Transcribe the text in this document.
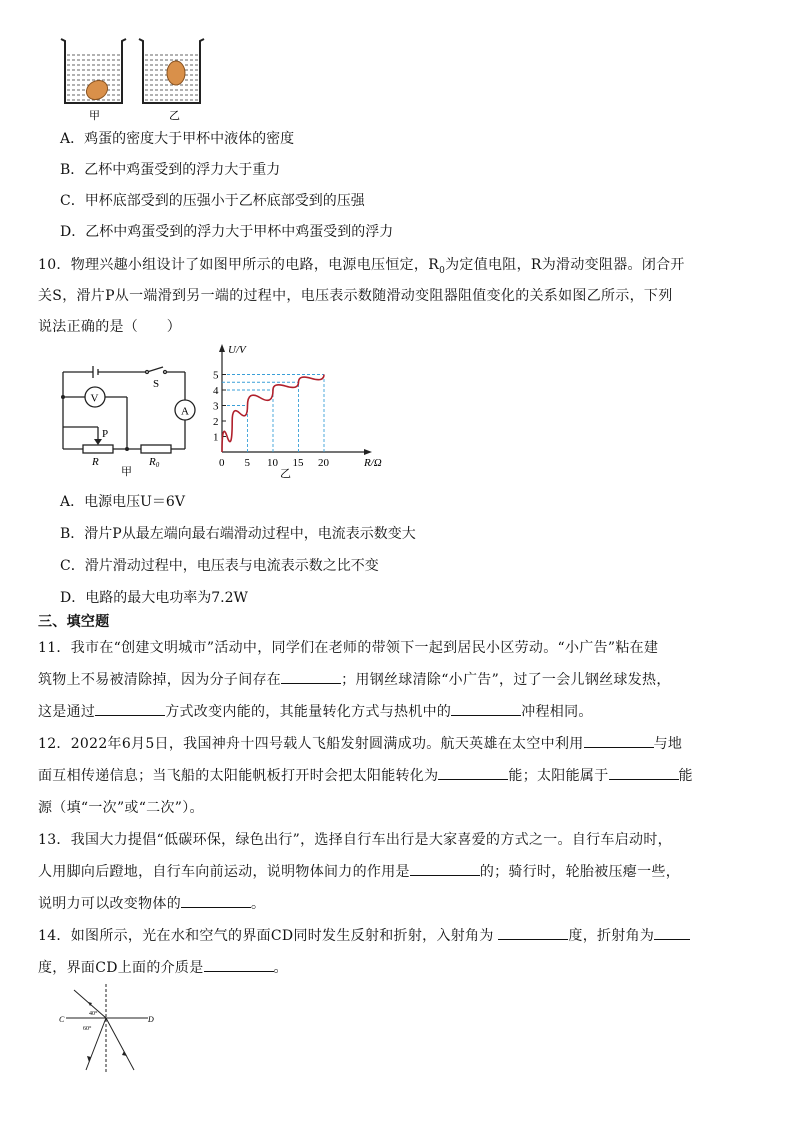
甲	乙
A．鸡蛋的密度大于甲杯中液体的密度
B．乙杯中鸡蛋受到的浮力大于重力
C．甲杯底部受到的压强小于乙杯底部受到的压强
D．乙杯中鸡蛋受到的浮力大于甲杯中鸡蛋受到的浮力
10．物理兴趣小组设计了如图甲所示的电路，电源电压恒定，$R_0$为定值电阻，R为滑动变阻器。闭合开
关S，滑片P从一端滑到另一端的过程中，电压表示数随滑动变阻器阻值变化的关系如图乙所示，下列
说法正确的是（　　）
V
A
S
P
R	R0
甲
0 5 10 15 20
1
2
3
4
5
U/V
R/Ω
乙
A．电源电压U＝6V
B．滑片P从最左端向最右端滑动过程中，电流表示数变大
C．滑片滑动过程中，电压表与电流表示数之比不变
D．电路的最大电功率为7.2W
三、填空题
11．我市在“创建文明城市”活动中，同学们在老师的带领下一起到居民小区劳动。“小广告”粘在建
筑物上不易被清除掉，因为分子间存在	；用钢丝球清除“小广告”，过了一会儿钢丝球发热，
这是通过	方式改变内能的，其能量转化方式与热机中的	冲程相同。
12．2022年6月5日，我国神舟十四号载人飞船发射圆满成功。航天英雄在太空中利用	与地
面互相传递信息；当飞船的太阳能帆板打开时会把太阳能转化为	能；太阳能属于	能
源（填“一次”或“二次”）。
13．我国大力提倡“低碳环保，绿色出行”，选择自行车出行是大家喜爱的方式之一。自行车启动时，
人用脚向后蹬地，自行车向前运动，说明物体间力的作用是	的；骑行时，轮胎被压瘪一些，
说明力可以改变物体的	。
14．如图所示，光在水和空气的界面CD同时发生反射和折射，入射角为	度，折射角为
度，界面CD上面的介质是	。
C	D
40°
60°
